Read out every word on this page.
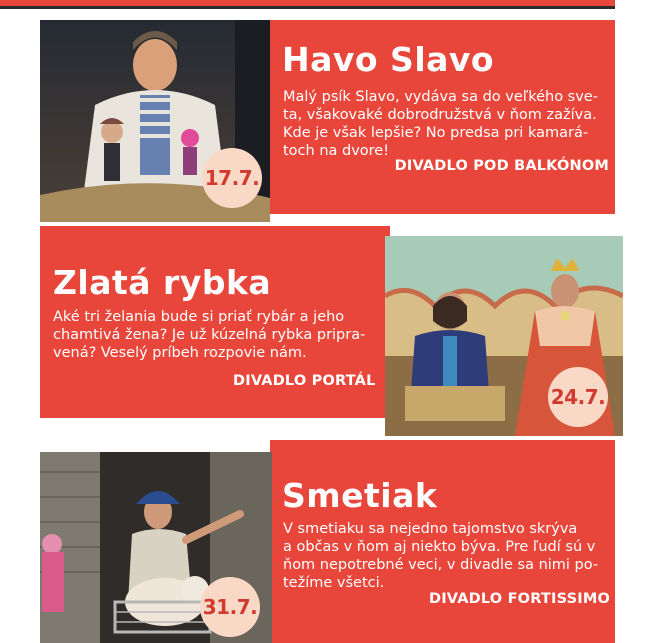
Havo Slavo
Malý psík Slavo, vydáva sa do veľkého sve-
ta, všakovaké dobrodružstvá v ňom zažíva.
Kde je však lepšie? No predsa pri kamará-
toch na dvore!
DIVADLO POD BALKÓNOM
17.7.
Zlatá rybka
Aké tri želania bude si priať rybár a jeho
chamtivá žena? Je už kúzelná rybka pripra-
vená? Veselý príbeh rozpovie nám.
DIVADLO PORTÁL
24.7.
Smetiak
V smetiaku sa nejedno tajomstvo skrýva
a občas v ňom aj niekto býva. Pre ľudí sú v
ňom nepotrebné veci, v divadle sa nimi po-
težíme všetci.
DIVADLO FORTISSIMO
31.7.
